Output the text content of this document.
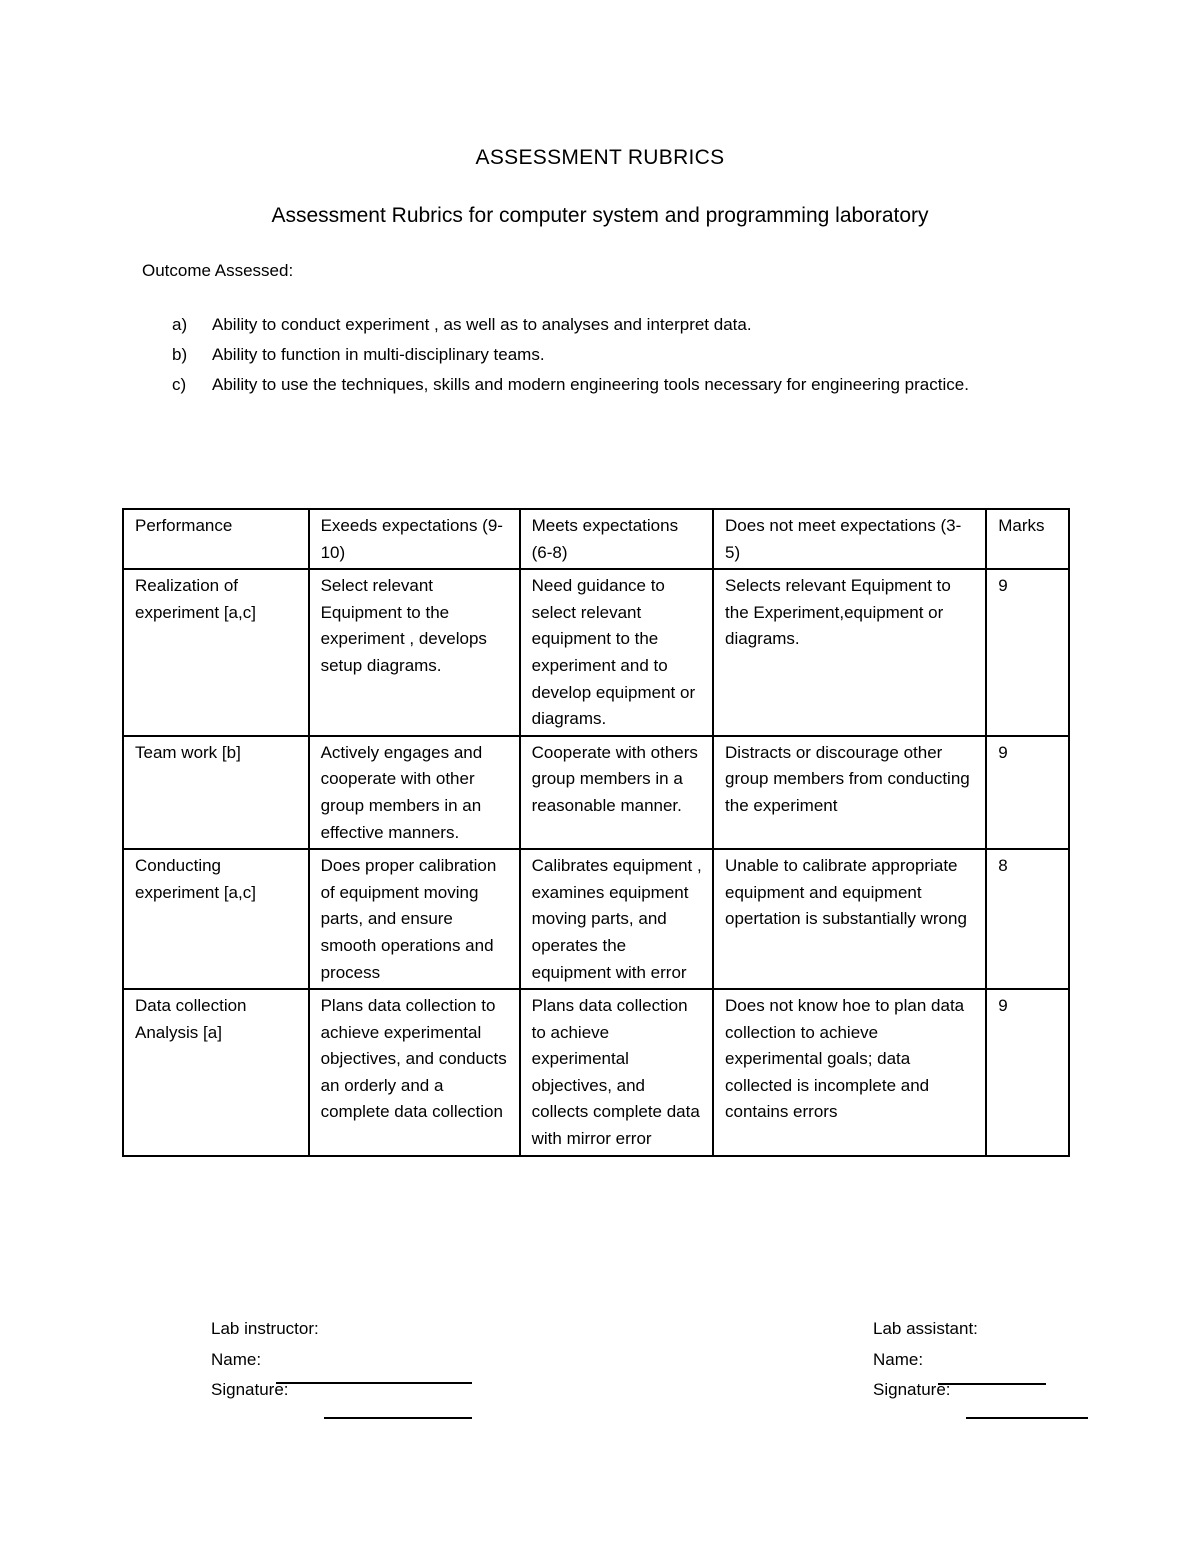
ASSESSMENT RUBRICS
Assessment Rubrics for computer system and programming laboratory
Outcome Assessed:
a)	Ability to conduct experiment , as well as to analyses and interpret data.
b)	Ability to function in multi-disciplinary teams.
c)	Ability to use the techniques, skills and modern engineering tools necessary for engineering practice.
Performance	Exeeds expectations (9-10)	Meets expectations (6-8)	Does not meet expectations (3-5)	Marks
Realization of experiment [a,c]	Select relevant Equipment to the experiment , develops setup diagrams.	Need guidance to select relevant equipment to the experiment and to develop equipment or diagrams.	Selects relevant Equipment to the Experiment,equipment or diagrams.	9
Team work [b]	Actively engages and cooperate with other group members in an effective manners.	Cooperate with others group members in a reasonable manner.	Distracts or discourage other group members from conducting the experiment	9
Conducting experiment [a,c]	Does proper calibration of equipment moving parts, and ensure smooth operations and process	Calibrates equipment , examines equipment moving parts, and operates the equipment with error	Unable to calibrate appropriate equipment and equipment opertation is substantially wrong	8
Data collection Analysis [a]	Plans data collection to achieve experimental objectives, and conducts an orderly and a complete data collection	Plans data collection to achieve experimental objectives, and collects complete data with mirror error	Does not know hoe to plan data collection to achieve experimental goals; data collected is incomplete and contains errors	9
Lab instructor:
Name:
Signature:
Lab assistant:
Name:
Signature:
